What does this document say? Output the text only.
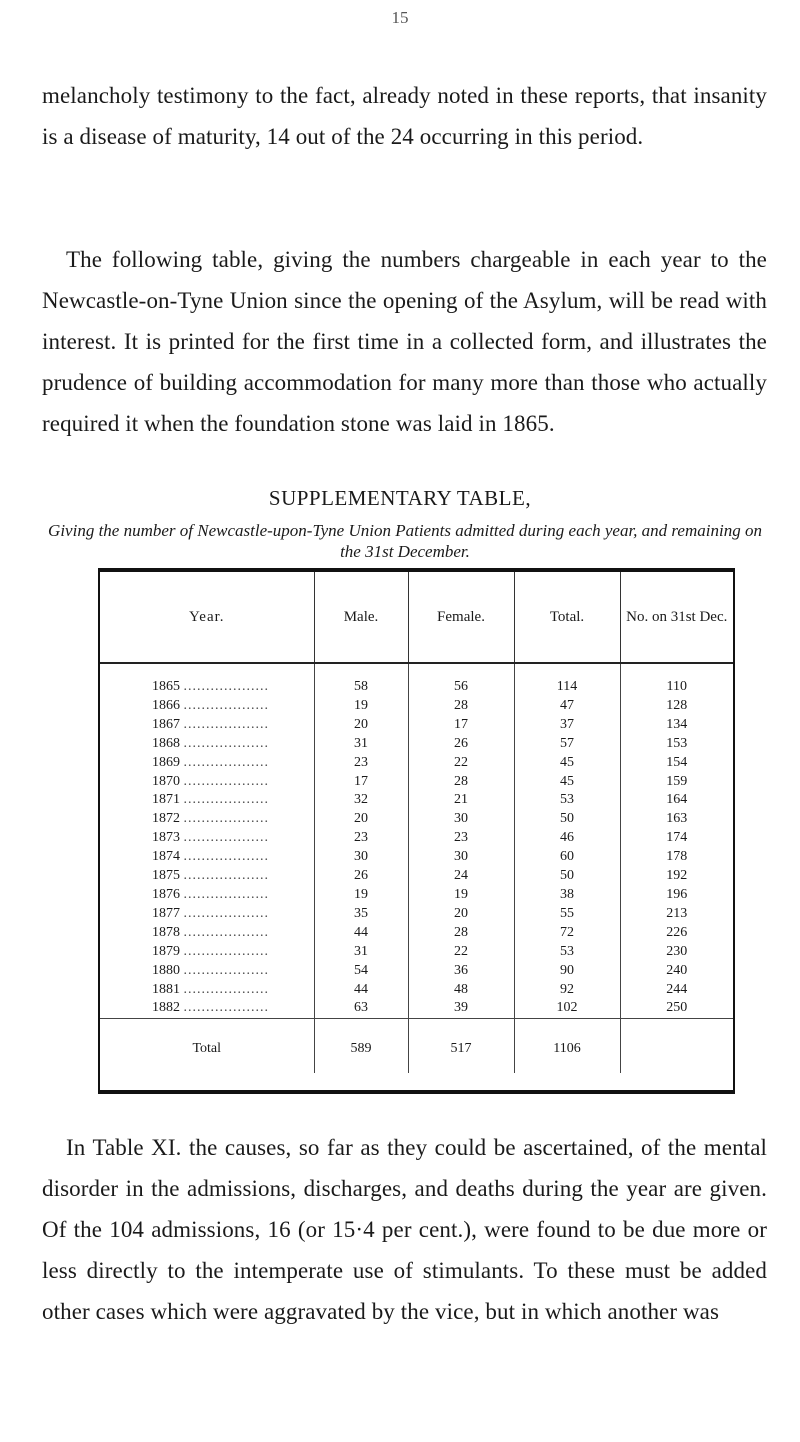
15

melancholy testimony to the fact, already noted in these reports, that insanity is a disease of maturity, 14 out of the 24 occurring in this period.

The following table, giving the numbers chargeable in each year to the Newcastle-on-Tyne Union since the opening of the Asylum, will be read with interest. It is printed for the first time in a collected form, and illustrates the prudence of building accommodation for many more than those who actually required it when the foundation stone was laid in 1865.

SUPPLEMENTARY TABLE,
Giving the number of Newcastle-upon-Tyne Union Patients admitted during each year, and remaining on the 31st December.
Year.	Male.	Female.	Total.	No. on 31st Dec.
1865 ...................	58	56	114	110
1866 ...................	19	28	47	128
1867 ...................	20	17	37	134
1868 ...................	31	26	57	153
1869 ...................	23	22	45	154
1870 ...................	17	28	45	159
1871 ...................	32	21	53	164
1872 ...................	20	30	50	163
1873 ...................	23	23	46	174
1874 ...................	30	30	60	178
1875 ...................	26	24	50	192
1876 ...................	19	19	38	196
1877 ...................	35	20	55	213
1878 ...................	44	28	72	226
1879 ...................	31	22	53	230
1880 ...................	54	36	90	240
1881 ...................	44	48	92	244
1882 ...................	63	39	102	250
Total	589	517	1106	

In Table XI. the causes, so far as they could be ascertained, of the mental disorder in the admissions, discharges, and deaths during the year are given. Of the 104 admissions, 16 (or 15·4 per cent.), were found to be due more or less directly to the intemperate use of stimulants. To these must be added other cases which were aggravated by the vice, but in which another was
